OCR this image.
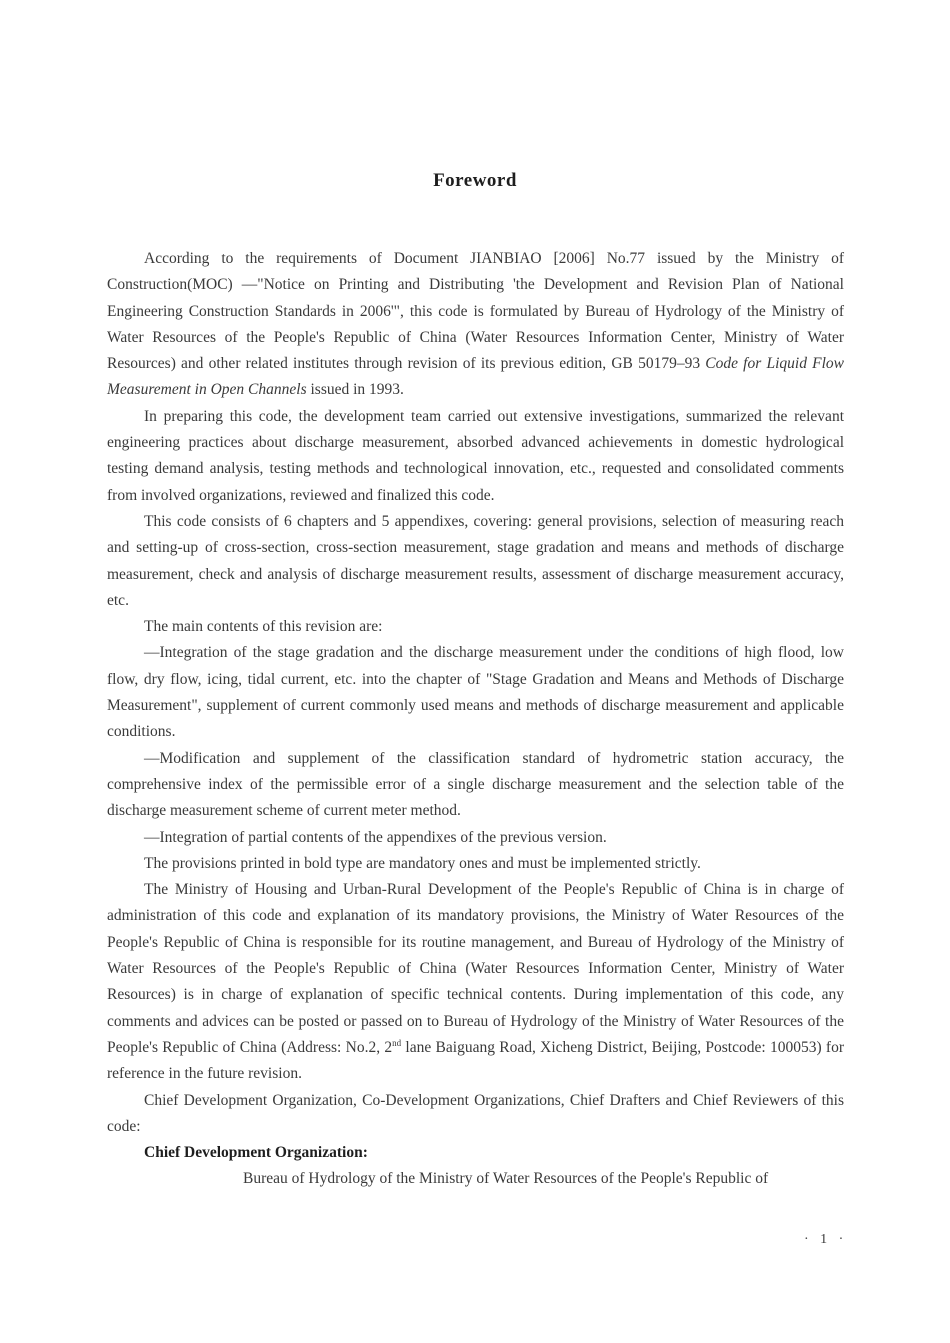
Foreword

According to the requirements of Document JIANBIAO [2006] No.77 issued by the Ministry of Construction(MOC) —"Notice on Printing and Distributing 'the Development and Revision Plan of National Engineering Construction Standards in 2006'", this code is formulated by Bureau of Hydrology of the Ministry of Water Resources of the People's Republic of China (Water Resources Information Center, Ministry of Water Resources) and other related institutes through revision of its previous edition, GB 50179–93 Code for Liquid Flow Measurement in Open Channels issued in 1993.

In preparing this code, the development team carried out extensive investigations, summarized the relevant engineering practices about discharge measurement, absorbed advanced achievements in domestic hydrological testing demand analysis, testing methods and technological innovation, etc., requested and consolidated comments from involved organizations, reviewed and finalized this code.

This code consists of 6 chapters and 5 appendixes, covering: general provisions, selection of measuring reach and setting-up of cross-section, cross-section measurement, stage gradation and means and methods of discharge measurement, check and analysis of discharge measurement results, assessment of discharge measurement accuracy, etc.

The main contents of this revision are:

—Integration of the stage gradation and the discharge measurement under the conditions of high flood, low flow, dry flow, icing, tidal current, etc. into the chapter of "Stage Gradation and Means and Methods of Discharge Measurement", supplement of current commonly used means and methods of discharge measurement and applicable conditions.

—Modification and supplement of the classification standard of hydrometric station accuracy, the comprehensive index of the permissible error of a single discharge measurement and the selection table of the discharge measurement scheme of current meter method.

—Integration of partial contents of the appendixes of the previous version.

The provisions printed in bold type are mandatory ones and must be implemented strictly.

The Ministry of Housing and Urban-Rural Development of the People's Republic of China is in charge of administration of this code and explanation of its mandatory provisions, the Ministry of Water Resources of the People's Republic of China is responsible for its routine management, and Bureau of Hydrology of the Ministry of Water Resources of the People's Republic of China (Water Resources Information Center, Ministry of Water Resources) is in charge of explanation of specific technical contents. During implementation of this code, any comments and advices can be posted or passed on to Bureau of Hydrology of the Ministry of Water Resources of the People's Republic of China (Address: No.2, 2nd lane Baiguang Road, Xicheng District, Beijing, Postcode: 100053) for reference in the future revision.

Chief Development Organization, Co-Development Organizations, Chief Drafters and Chief Reviewers of this code:

Chief Development Organization:

Bureau of Hydrology of the Ministry of Water Resources of the People's Republic of

· 1 ·
